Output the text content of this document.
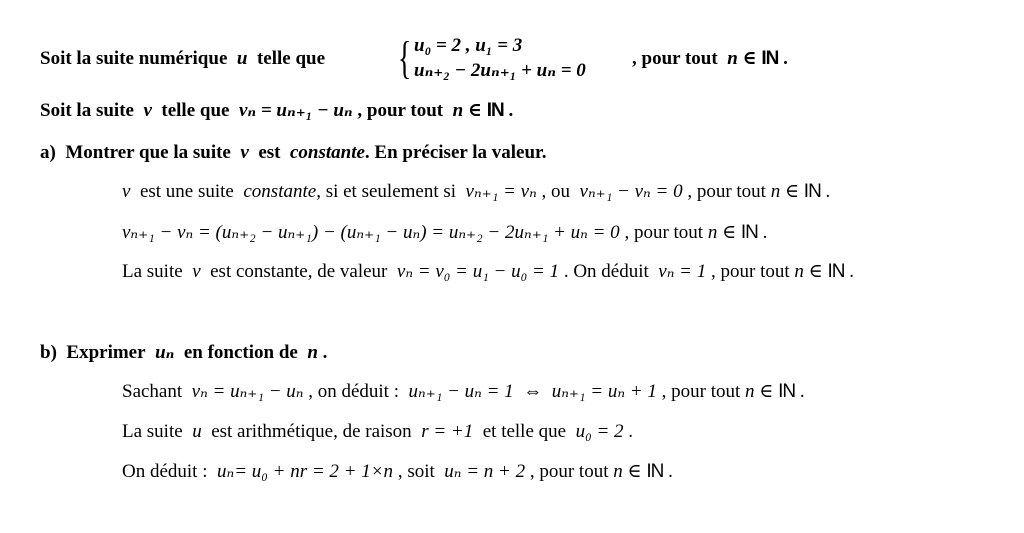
Soit la suite numérique u telle que { u₀ = 2 , u₁ = 3
uₙ₊₂ − 2uₙ₊₁ + uₙ = 0
, pour tout n ∈ IN .
Soit la suite v telle que vₙ = uₙ₊₁ − uₙ , pour tout n ∈ IN .
a) Montrer que la suite v est constante. En préciser la valeur.
v est une suite constante, si et seulement si vₙ₊₁ = vₙ , ou vₙ₊₁ − vₙ = 0 , pour tout n ∈ IN .
vₙ₊₁ − vₙ = (uₙ₊₂ − uₙ₊₁) − (uₙ₊₁ − uₙ) = uₙ₊₂ − 2uₙ₊₁ + uₙ = 0 , pour tout n ∈ IN .
La suite v est constante, de valeur vₙ = v₀ = u₁ − u₀ = 1 . On déduit vₙ = 1 , pour tout n ∈ IN .
b) Exprimer uₙ en fonction de n .
Sachant vₙ = uₙ₊₁ − uₙ , on déduit : uₙ₊₁ − uₙ = 1 ⇔ uₙ₊₁ = uₙ + 1 , pour tout n ∈ IN .
La suite u est arithmétique, de raison r = +1 et telle que u₀ = 2 .
On déduit : uₙ= u₀ + nr = 2 + 1×n , soit uₙ = n + 2 , pour tout n ∈ IN .
